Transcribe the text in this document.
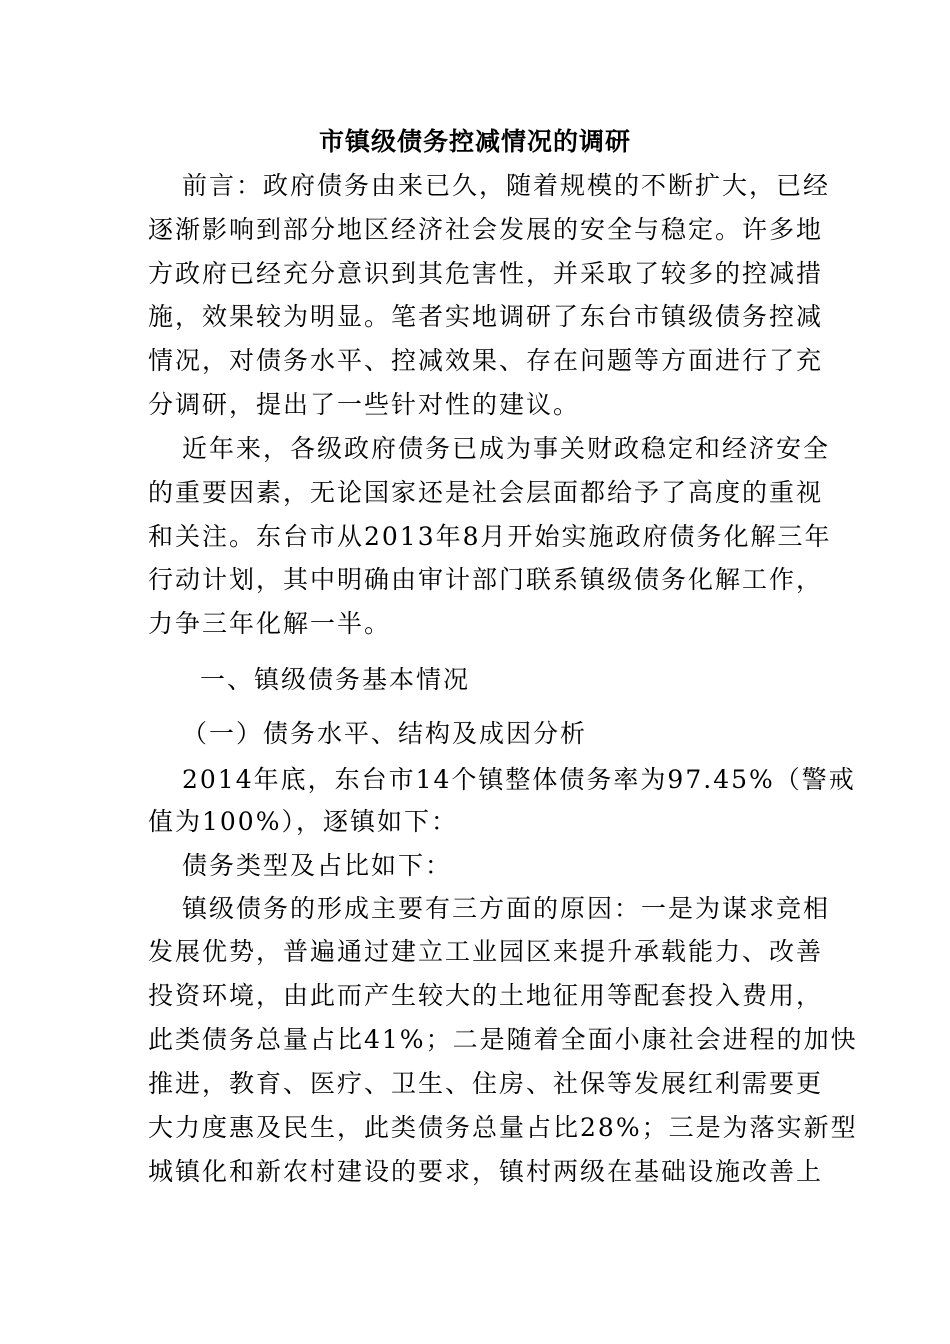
市镇级债务控减情况的调研
前言：政府债务由来已久，随着规模的不断扩大，已经
逐渐影响到部分地区经济社会发展的安全与稳定。许多地
方政府已经充分意识到其危害性，并采取了较多的控减措
施，效果较为明显。笔者实地调研了东台市镇级债务控减
情况，对债务水平、控减效果、存在问题等方面进行了充
分调研，提出了一些针对性的建议。
近年来，各级政府债务已成为事关财政稳定和经济安全
的重要因素，无论国家还是社会层面都给予了高度的重视
和关注。东台市从2013年8月开始实施政府债务化解三年
行动计划，其中明确由审计部门联系镇级债务化解工作，
力争三年化解一半。
一、镇级债务基本情况
（一）债务水平、结构及成因分析
2014年底，东台市14个镇整体债务率为97.45%（警戒
值为100%），逐镇如下：
债务类型及占比如下：
镇级债务的形成主要有三方面的原因：一是为谋求竞相
发展优势，普遍通过建立工业园区来提升承载能力、改善
投资环境，由此而产生较大的土地征用等配套投入费用，
此类债务总量占比41%；二是随着全面小康社会进程的加快
推进，教育、医疗、卫生、住房、社保等发展红利需要更
大力度惠及民生，此类债务总量占比28%；三是为落实新型
城镇化和新农村建设的要求，镇村两级在基础设施改善上
